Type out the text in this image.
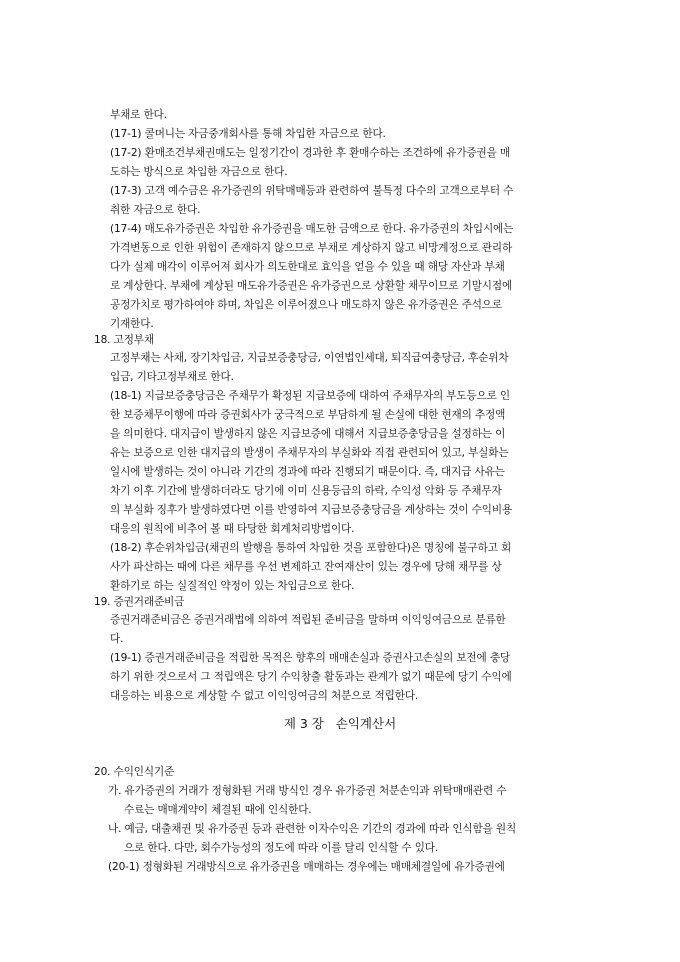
부채로 한다.
(17-1) 콜머니는 자금중개회사를 통해 차입한 자금으로 한다.
(17-2) 환매조건부채권매도는 일정기간이 경과한 후 환매수하는 조건하에 유가증권을 매
도하는 방식으로 차입한 자금으로 한다.
(17-3) 고객 예수금은 유가증권의 위탁매매등과 관련하여 불특정 다수의 고객으로부터 수
취한 자금으로 한다.
(17-4) 매도유가증권은 차입한 유가증권을 매도한 금액으로 한다. 유가증권의 차입시에는
가격변동으로 인한 위험이 존재하지 않으므로 부채로 계상하지 않고 비망계정으로 관리하
다가 실제 매각이 이루어져 회사가 의도한대로 효익을 얻을 수 있을 때 해당 자산과 부채
로 계상한다. 부채에 계상된 매도유가증권은 유가증권으로 상환할 채무이므로 기말시점에
공정가치로 평가하여야 하며, 차입은 이루어졌으나 매도하지 않은 유가증권은 주석으로
기재한다.
18. 고정부채
고정부채는 사채, 장기차입금, 지급보증충당금, 이연법인세대, 퇴직급여충당금, 후순위차
입금, 기타고정부채로 한다.
(18-1) 지급보증충당금은 주채무가 확정된 지급보증에 대하여 주채무자의 부도등으로 인
한 보증채무이행에 따라 증권회사가 궁극적으로 부담하게 될 손실에 대한 현재의 추정액
을 의미한다. 대지급이 발생하지 않은 지급보증에 대해서 지급보증충당금을 설정하는 이
유는 보증으로 인한 대지급의 발생이 주채무자의 부실화와 직접 관련되어 있고, 부실화는
일시에 발생하는 것이 아니라 기간의 경과에 따라 진행되기 때문이다. 즉, 대지급 사유는
차기 이후 기간에 발생하더라도 당기에 이미 신용등급의 하락, 수익성 악화 등 주채무자
의 부실화 징후가 발생하였다면 이를 반영하여 지급보증충당금을 계상하는 것이 수익비용
대응의 원칙에 비추어 볼 때 타당한 회계처리방법이다.
(18-2) 후순위차입금(채권의 발행을 통하여 차입한 것을 포함한다)은 명칭에 불구하고 회
사가 파산하는 때에 다른 채무를 우선 변제하고 잔여재산이 있는 경우에 당해 채무를 상
환하기로 하는 실질적인 약정이 있는 차입금으로 한다.
19. 증권거래준비금
증권거래준비금은 증권거래법에 의하여 적립된 준비금을 말하며 이익잉여금으로 분류한
다.
(19-1) 증권거래준비금을 적립한 목적은 향후의 매매손실과 증권사고손실의 보전에 충당
하기 위한 것으로서 그 적립액은 당기 수익창출 활동과는 관계가 없기 때문에 당기 수익에
대응하는 비용으로 계상할 수 없고 이익잉여금의 처분으로 적립한다.
제 3 장   손익계산서
20. 수익인식기준
가. 유가증권의 거래가 정형화된 거래 방식인 경우 유가증권 처분손익과 위탁매매관련 수
수료는 매매계약이 체결된 때에 인식한다.
나. 예금, 대출채권 및 유가증권 등과 관련한 이자수익은 기간의 경과에 따라 인식함을 원칙
으로 한다. 다만, 회수가능성의 정도에 따라 이를 달리 인식할 수 있다.
(20-1) 정형화된 거래방식으로 유가증권을 매매하는 경우에는 매매체결일에 유가증권에
